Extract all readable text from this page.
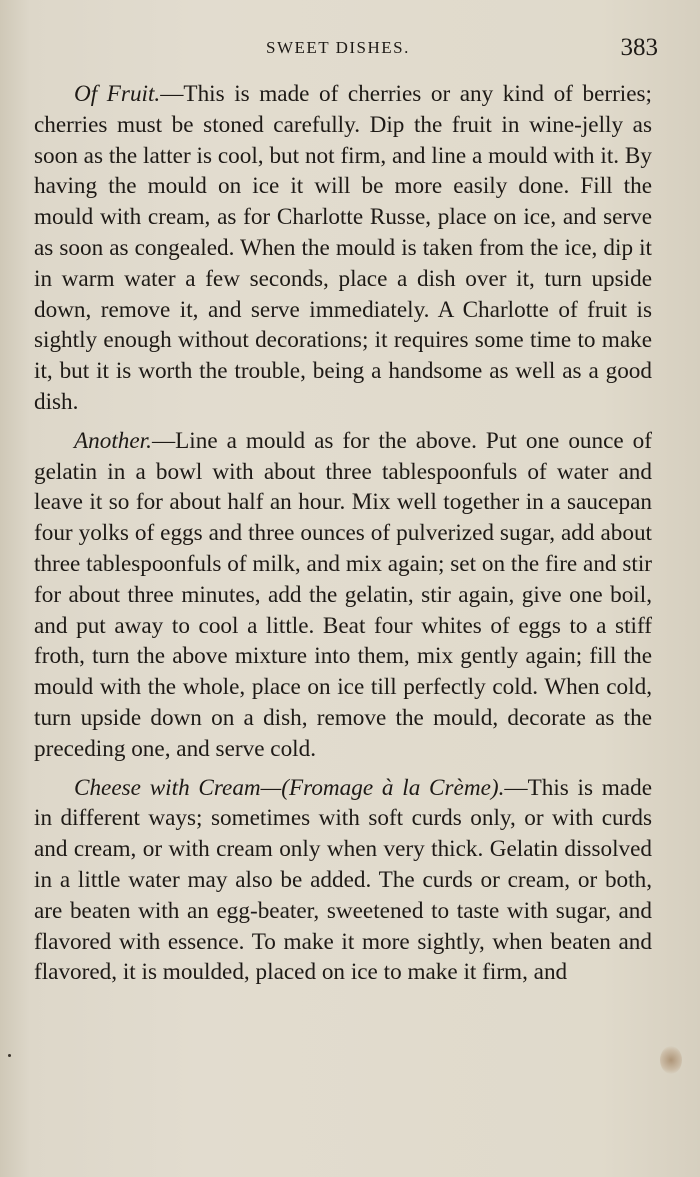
SWEET DISHES.	383

Of Fruit.—This is made of cherries or any kind of berries; cherries must be stoned carefully. Dip the fruit in wine-jelly as soon as the latter is cool, but not firm, and line a mould with it. By having the mould on ice it will be more easily done. Fill the mould with cream, as for Charlotte Russe, place on ice, and serve as soon as congealed. When the mould is taken from the ice, dip it in warm water a few seconds, place a dish over it, turn upside down, remove it, and serve immediately. A Charlotte of fruit is sightly enough without decorations; it requires some time to make it, but it is worth the trouble, being a handsome as well as a good dish.

Another.—Line a mould as for the above. Put one ounce of gelatin in a bowl with about three tablespoonfuls of water and leave it so for about half an hour. Mix well together in a saucepan four yolks of eggs and three ounces of pulverized sugar, add about three tablespoonfuls of milk, and mix again; set on the fire and stir for about three minutes, add the gelatin, stir again, give one boil, and put away to cool a little. Beat four whites of eggs to a stiff froth, turn the above mixture into them, mix gently again; fill the mould with the whole, place on ice till perfectly cold. When cold, turn upside down on a dish, remove the mould, decorate as the preceding one, and serve cold.

Cheese with Cream—(Fromage à la Crème).—This is made in different ways; sometimes with soft curds only, or with curds and cream, or with cream only when very thick. Gelatin dissolved in a little water may also be added. The curds or cream, or both, are beaten with an egg-beater, sweetened to taste with sugar, and flavored with essence. To make it more sightly, when beaten and flavored, it is moulded, placed on ice to make it firm, and
